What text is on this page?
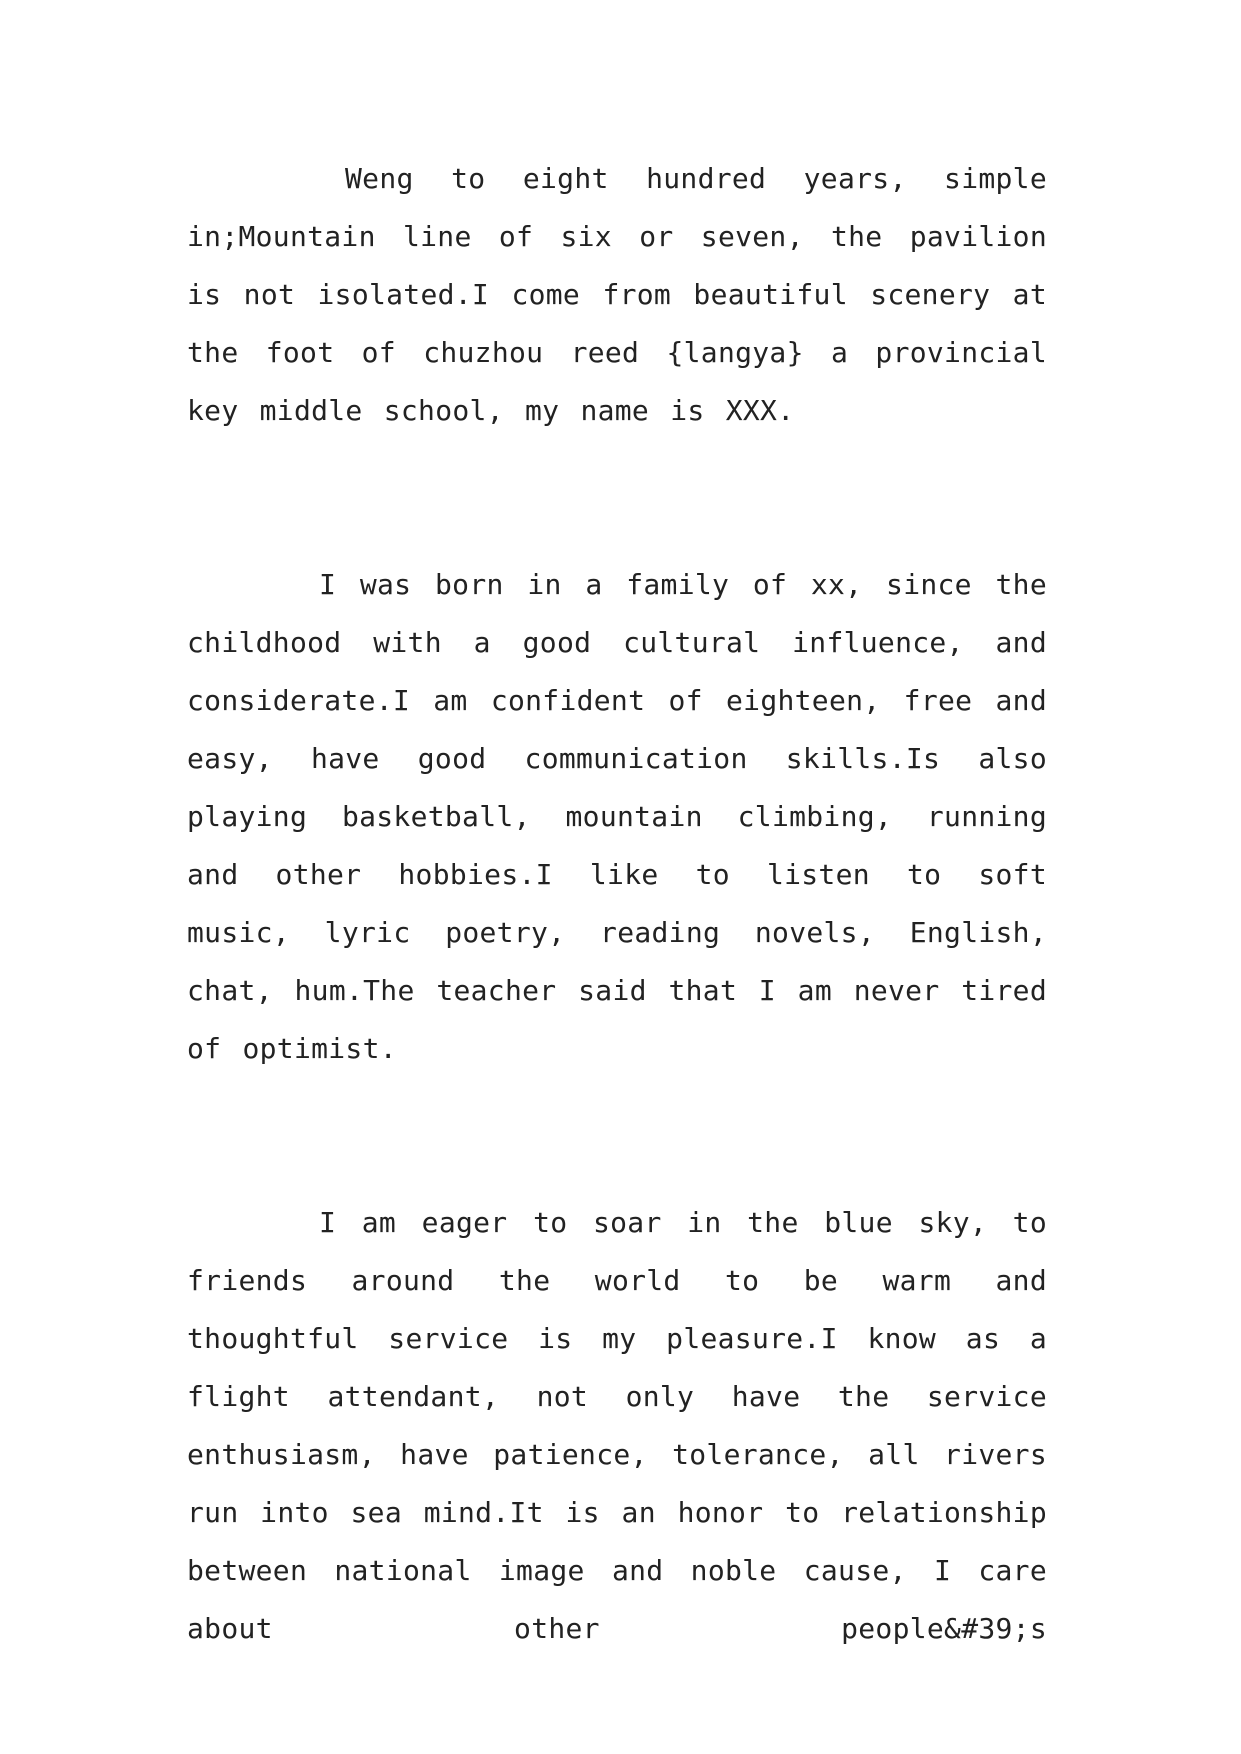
Weng to eight hundred years, simple in;Mountain line of six or seven, the pavilion is not isolated.I come from beautiful scenery at the foot of chuzhou reed {langya} a provincial key middle school, my name is XXX.

I was born in a family of xx, since the childhood with a good cultural influence, and considerate.I am confident of eighteen, free and easy, have good communication skills.Is also playing basketball, mountain climbing, running and other hobbies.I like to listen to soft music, lyric poetry, reading novels, English, chat, hum.The teacher said that I am never tired of optimist.

I am eager to soar in the blue sky, to friends around the world to be warm and thoughtful service is my pleasure.I know as a flight attendant, not only have the service enthusiasm, have patience, tolerance, all rivers run into sea mind.It is an honor to relationship between national image and noble cause, I care about other people&#39;s
